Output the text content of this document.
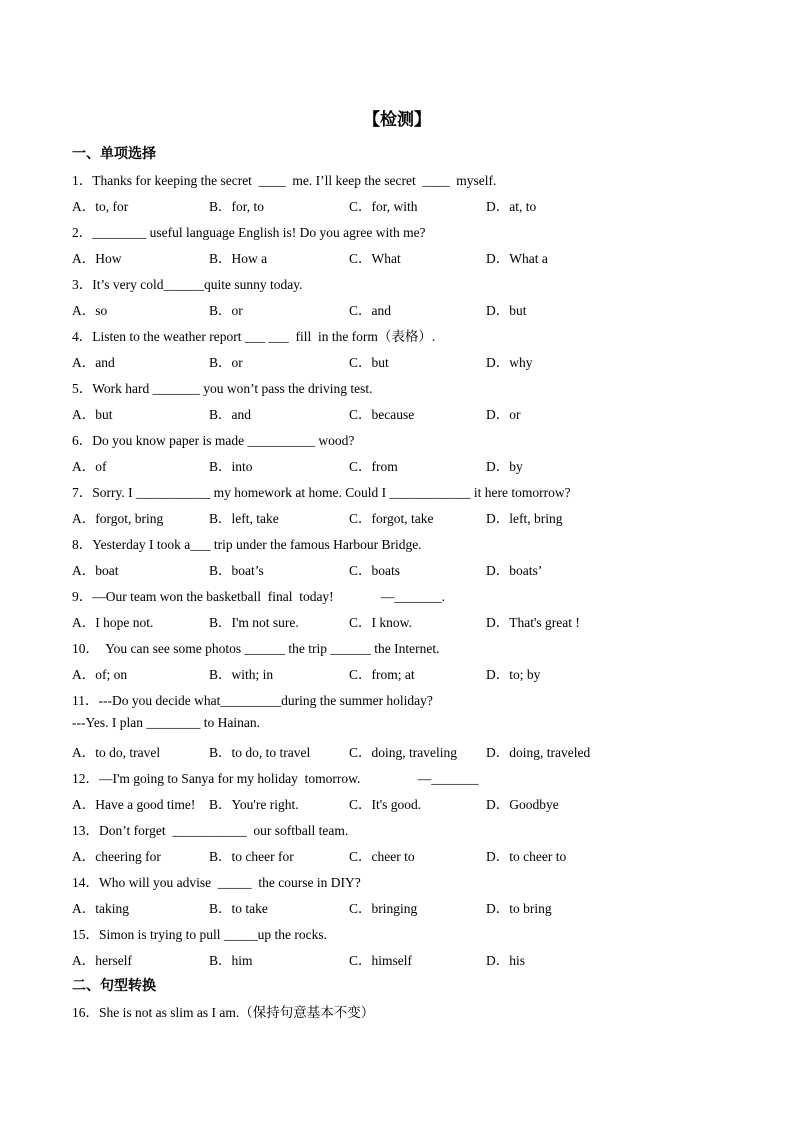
【检测】
一、单项选择
1．Thanks for keeping the secret  ____  me. I’ll keep the secret  ____  myself.
A．to, for	B．for, to	C．for, with	D．at, to
2．________ useful language English is! Do you agree with me?
A．How	B．How a	C．What	D．What a
3．It’s very cold______quite sunny today.
A．so	B．or	C．and	D．but
4．Listen to the weather report ___ ___  fill  in the form（表格）.
A．and	B．or	C．but	D．why
5．Work hard _______ you won’t pass the driving test.
A．but	B．and	C．because	D．or
6．Do you know paper is made __________ wood?
A．of	B．into	C．from	D．by
7．Sorry. I ___________ my homework at home. Could I ____________ it here tomorrow?
A．forgot, bring	B．left, take	C．forgot, take	D．left, bring
8．Yesterday I took a___ trip under the famous Harbour Bridge.
A．boat	B．boat’s	C．boats	D．boats’
9．—Our team won the basketball  final  today!              —_______.
A．I hope not.	B．I'm not sure.	C．I know.	D．That's great !
10．  You can see some photos ______ the trip ______ the Internet.
A．of; on	B．with; in	C．from; at	D．to; by
11．---Do you decide what_________during the summer holiday?
---Yes. I plan ________ to Hainan.
A．to do, travel	B．to do, to travel	C．doing, traveling D．doing, traveled
12．—I'm going to Sanya for my holiday  tomorrow.                 —_______
A．Have a good time! B．You're right.	C．It's good.	D．Goodbye
13．Don’t forget  ___________  our softball team.
A．cheering for	B．to cheer for	C．cheer to	D．to cheer to
14．Who will you advise  _____  the course in DIY?
A．taking	B．to take	C．bringing	D．to bring
15．Simon is trying to pull _____up the rocks.
A．herself	B．him	C．himself	D．his
二、句型转换
16．She is not as slim as I am.（保持句意基本不变）
